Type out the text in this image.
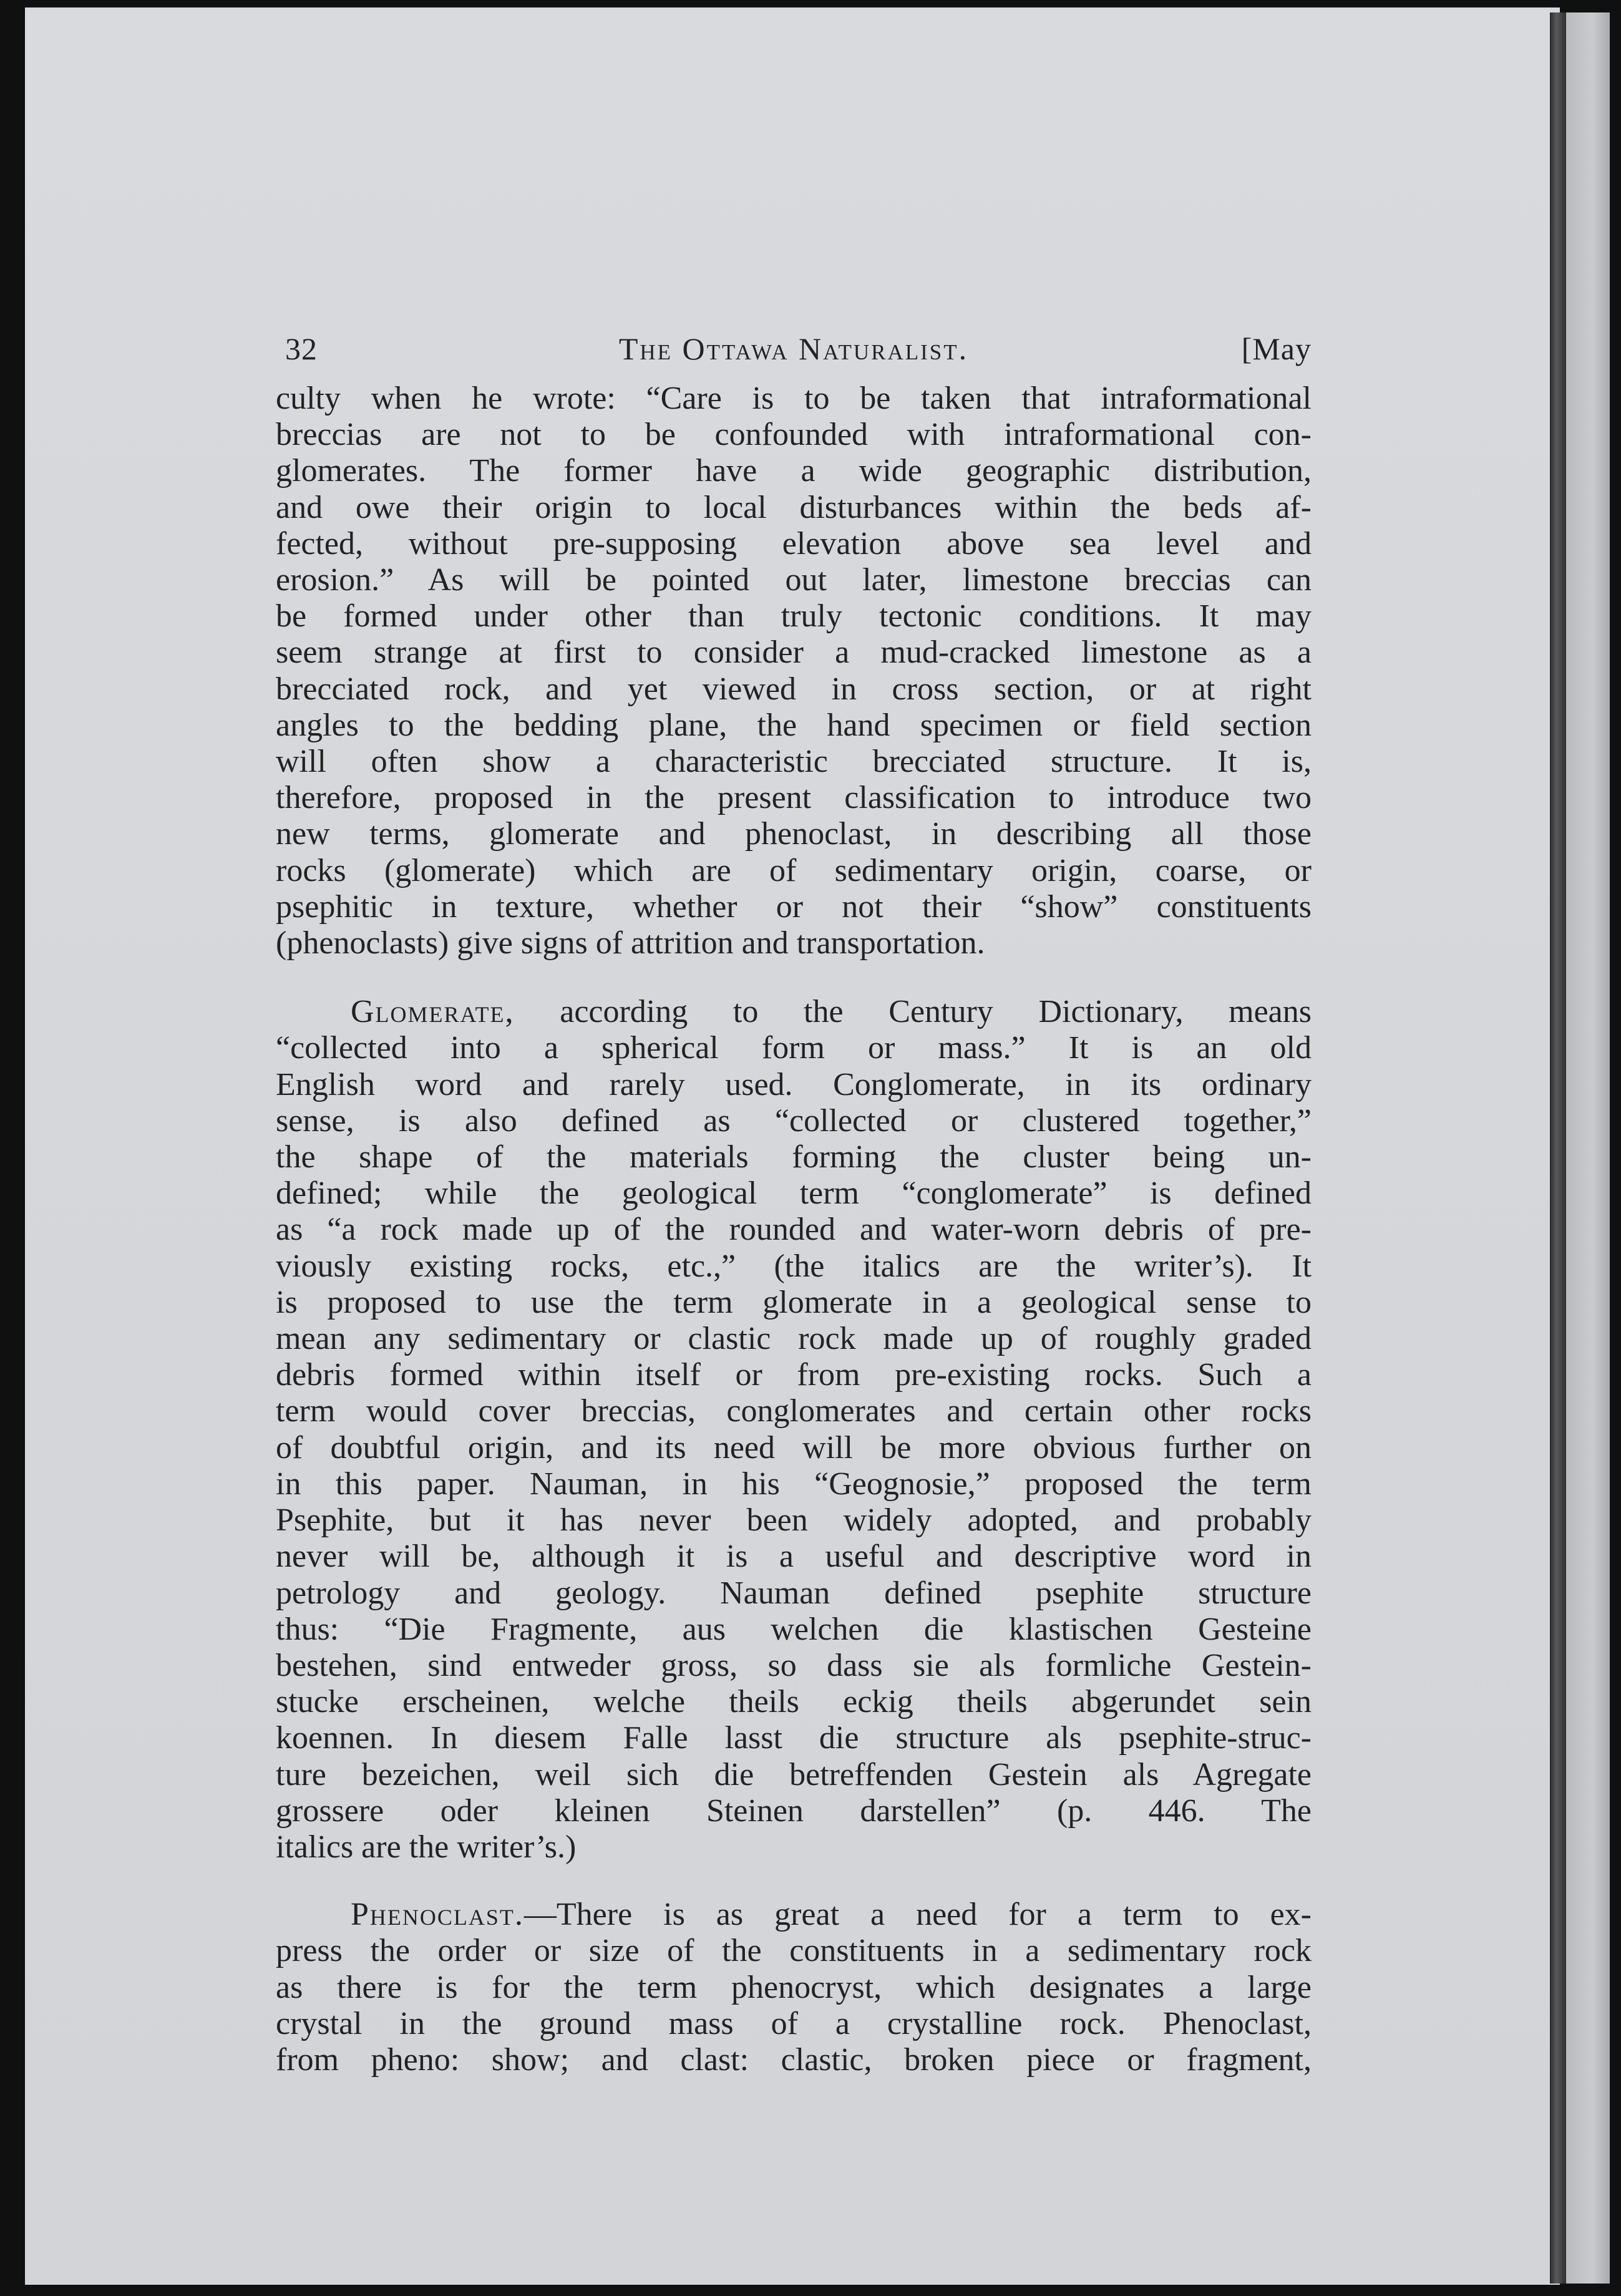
32	The Ottawa Naturalist.	[May

culty when he wrote: “Care is to be taken that intraformational
breccias are not to be confounded with intraformational con-
glomerates. The former have a wide geographic distribution,
and owe their origin to local disturbances within the beds af-
fected, without pre-supposing elevation above sea level and
erosion.” As will be pointed out later, limestone breccias can
be formed under other than truly tectonic conditions. It may
seem strange at first to consider a mud-cracked limestone as a
brecciated rock, and yet viewed in cross section, or at right
angles to the bedding plane, the hand specimen or field section
will often show a characteristic brecciated structure. It is,
therefore, proposed in the present classification to introduce two
new terms, glomerate and phenoclast, in describing all those
rocks (glomerate) which are of sedimentary origin, coarse, or
psephitic in texture, whether or not their “show” constituents
(phenoclasts) give signs of attrition and transportation.

Glomerate, according to the Century Dictionary, means
“collected into a spherical form or mass.” It is an old
English word and rarely used. Conglomerate, in its ordinary
sense, is also defined as “collected or clustered together,”
the shape of the materials forming the cluster being un-
defined; while the geological term “conglomerate” is defined
as “a rock made up of the rounded and water-worn debris of pre-
viously existing rocks, etc.,” (the italics are the writer’s). It
is proposed to use the term glomerate in a geological sense to
mean any sedimentary or clastic rock made up of roughly graded
debris formed within itself or from pre-existing rocks. Such a
term would cover breccias, conglomerates and certain other rocks
of doubtful origin, and its need will be more obvious further on
in this paper. Nauman, in his “Geognosie,” proposed the term
Psephite, but it has never been widely adopted, and probably
never will be, although it is a useful and descriptive word in
petrology and geology. Nauman defined psephite structure
thus: “Die Fragmente, aus welchen die klastischen Gesteine
bestehen, sind entweder gross, so dass sie als formliche Gestein-
stucke erscheinen, welche theils eckig theils abgerundet sein
koennen. In diesem Falle lasst die structure als psephite-struc-
ture bezeichen, weil sich die betreffenden Gestein als Agregate
grossere oder kleinen Steinen darstellen” (p. 446. The
italics are the writer’s.)

Phenoclast.—There is as great a need for a term to ex-
press the order or size of the constituents in a sedimentary rock
as there is for the term phenocryst, which designates a large
crystal in the ground mass of a crystalline rock. Phenoclast,
from pheno: show; and clast: clastic, broken piece or fragment,
